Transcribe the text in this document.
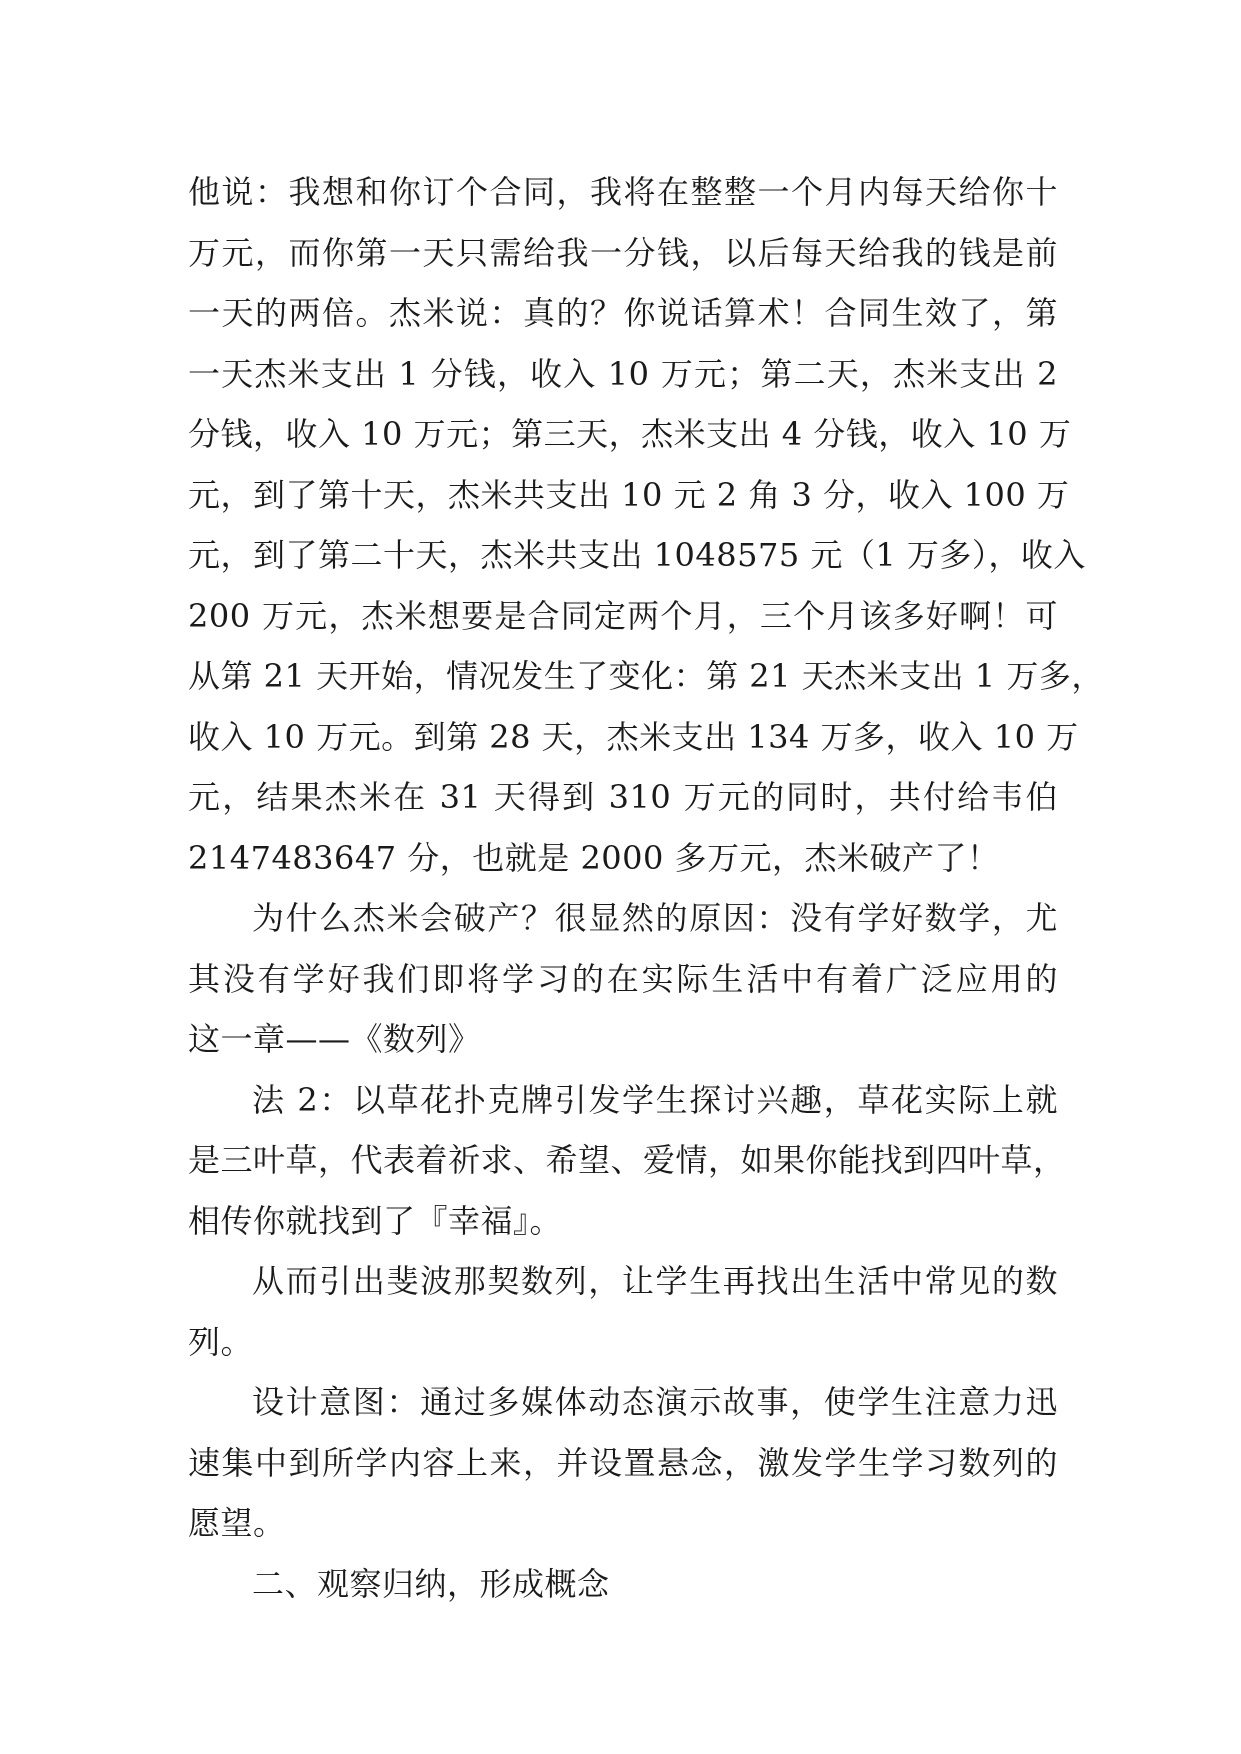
他说：我想和你订个合同，我将在整整一个月内每天给你十
万元，而你第一天只需给我一分钱，以后每天给我的钱是前
一天的两倍。杰米说：真的？你说话算术！合同生效了，第
一天杰米支出 1 分钱，收入 10 万元；第二天，杰米支出 2
分钱，收入 10 万元；第三天，杰米支出 4 分钱，收入 10 万
元，到了第十天，杰米共支出 10 元 2 角 3 分，收入 100 万
元，到了第二十天，杰米共支出 1048575 元（1 万多），收入
200 万元，杰米想要是合同定两个月，三个月该多好啊！可
从第 21 天开始，情况发生了变化：第 21 天杰米支出 1 万多，
收入 10 万元。到第 28 天，杰米支出 134 万多，收入 10 万
元，结果杰米在 31 天得到 310 万元的同时，共付给韦伯
2147483647 分，也就是 2000 多万元，杰米破产了！

为什么杰米会破产？很显然的原因：没有学好数学，尤
其没有学好我们即将学习的在实际生活中有着广泛应用的
这一章——《数列》

法 2：以草花扑克牌引发学生探讨兴趣，草花实际上就
是三叶草，代表着祈求、希望、爱情，如果你能找到四叶草，
相传你就找到了『幸福』。

从而引出斐波那契数列，让学生再找出生活中常见的数
列。

设计意图：通过多媒体动态演示故事，使学生注意力迅
速集中到所学内容上来，并设置悬念，激发学生学习数列的
愿望。

二、观察归纳，形成概念
